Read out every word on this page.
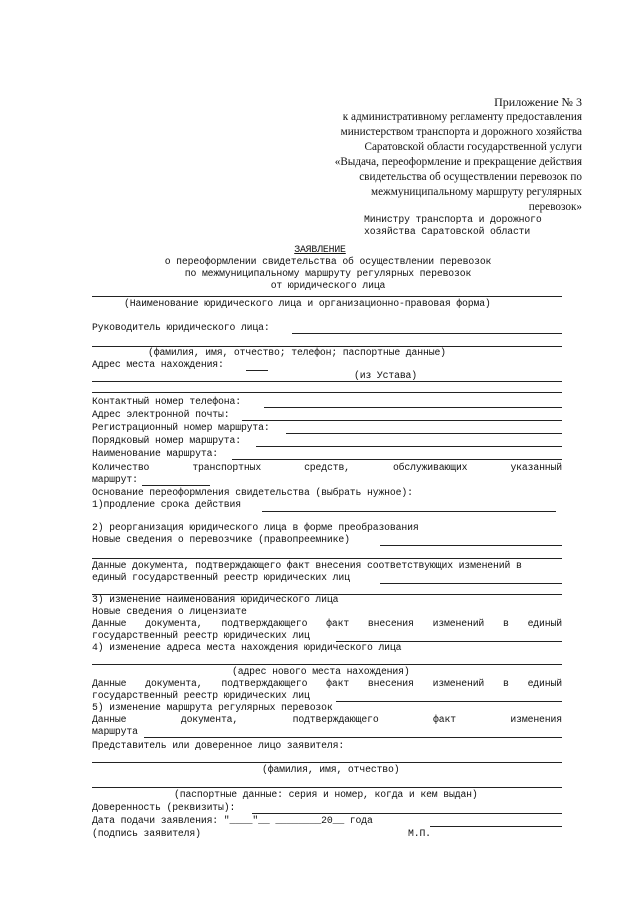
Приложение № 3
к административному регламенту предоставления
министерством транспорта и дорожного хозяйства
Саратовской области государственной услуги
«Выдача, переоформление и прекращение действия
свидетельства об осуществлении перевозок по
межмуниципальному маршруту регулярных
перевозок»
Министру транспорта и дорожного
хозяйства Саратовской области
ЗАЯВЛЕНИЕ
о переоформлении свидетельства об осуществлении перевозок
по межмуниципальному маршруту регулярных перевозок
от юридического лица
(Наименование юридического лица и организационно-правовая форма)
Руководитель юридического лица:
(фамилия, имя, отчество; телефон; паспортные данные)
Адрес места нахождения:
(из Устава)
Контактный номер телефона:
Адрес электронной почты:
Регистрационный номер маршрута:
Порядковый номер маршрута:
Наименование маршрута:
Количество	транспортных	средств,	обслуживающих	указанный
маршрут:
Основание переоформления свидетельства (выбрать нужное):
1)продление срока действия
2) реорганизация юридического лица в форме преобразования
Новые сведения о перевозчике (правопреемнике)
Данные документа, подтверждающего факт внесения соответствующих изменений в
единый государственный реестр юридических лиц
3) изменение наименования юридического лица
Новые сведения о лицензиате
Данные документа, подтверждающего факт внесения изменений в единый
государственный реестр юридических лиц
4) изменение адреса места нахождения юридического лица
(адрес нового места нахождения)
Данные документа, подтверждающего факт внесения изменений в единый
государственный реестр юридических лиц
5) изменение маршрута регулярных перевозок
Данные	документа,	подтверждающего	факт	изменения
маршрута
Представитель или доверенное лицо заявителя:
(фамилия, имя, отчество)
(паспортные данные: серия и номер, когда и кем выдан)
Доверенность (реквизиты):
Дата подачи заявления: "____"__ ________20__ года
(подпись заявителя)	М.П.
